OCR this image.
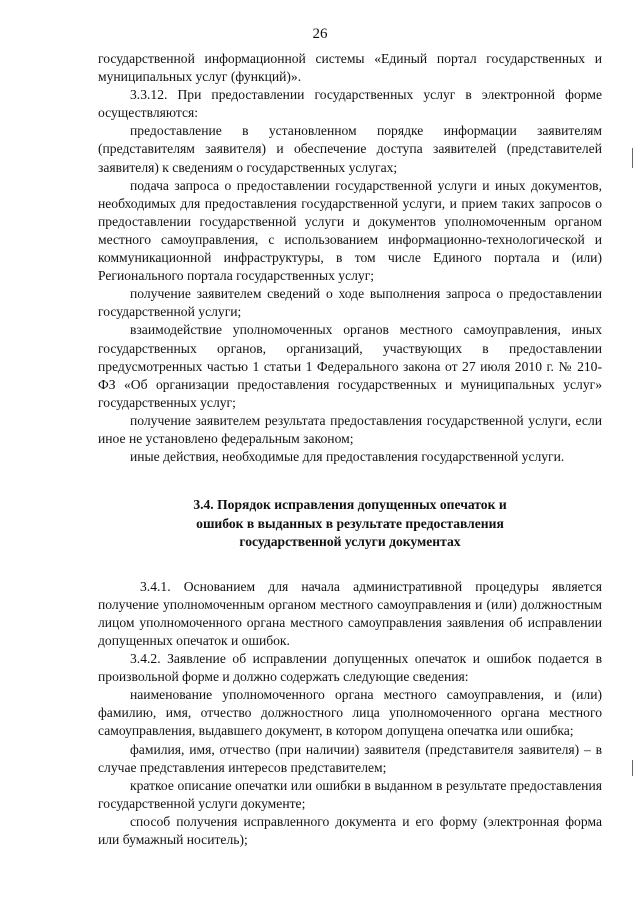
26

государственной информационной системы «Единый портал государственных и муниципальных услуг (функций)».

3.3.12. При предоставлении государственных услуг в электронной форме осуществляются:

предоставление в установленном порядке информации заявителям (представителям заявителя) и обеспечение доступа заявителей (представителей заявителя) к сведениям о государственных услугах;

подача запроса о предоставлении государственной услуги и иных документов, необходимых для предоставления государственной услуги, и прием таких запросов о предоставлении государственной услуги и документов уполномоченным органом местного самоуправления, с использованием информационно-технологической и коммуникационной инфраструктуры, в том числе Единого портала и (или) Регионального портала государственных услуг;

получение заявителем сведений о ходе выполнения запроса о предоставлении государственной услуги;

взаимодействие уполномоченных органов местного самоуправления, иных государственных органов, организаций, участвующих в предоставлении предусмотренных частью 1 статьи 1 Федерального закона от 27 июля 2010 г. № 210-ФЗ «Об организации предоставления государственных и муниципальных услуг» государственных услуг;

получение заявителем результата предоставления государственной услуги, если иное не установлено федеральным законом;

иные действия, необходимые для предоставления государственной услуги.

3.4. Порядок исправления допущенных опечаток и
ошибок в выданных в результате предоставления
государственной услуги документах

3.4.1. Основанием для начала административной процедуры является получение уполномоченным органом местного самоуправления и (или) должностным лицом уполномоченного органа местного самоуправления заявления об исправлении допущенных опечаток и ошибок.

3.4.2. Заявление об исправлении допущенных опечаток и ошибок подается в произвольной форме и должно содержать следующие сведения:

наименование уполномоченного органа местного самоуправления, и (или) фамилию, имя, отчество должностного лица уполномоченного органа местного самоуправления, выдавшего документ, в котором допущена опечатка или ошибка;

фамилия, имя, отчество (при наличии) заявителя (представителя заявителя) – в случае представления интересов представителем;

краткое описание опечатки или ошибки в выданном в результате предоставления государственной услуги документе;

способ получения исправленного документа и его форму (электронная форма или бумажный носитель);
